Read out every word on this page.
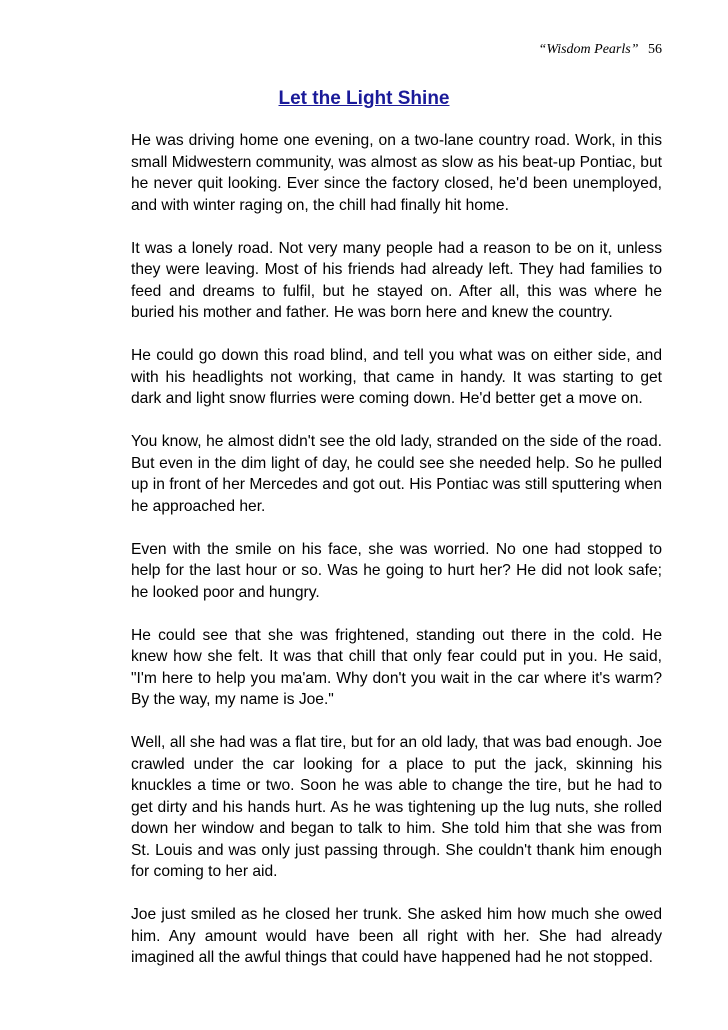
“Wisdom Pearls” 56
Let the Light Shine

He was driving home one evening, on a two-lane country road. Work, in this small Midwestern community, was almost as slow as his beat-up Pontiac, but he never quit looking. Ever since the factory closed, he'd been unemployed, and with winter raging on, the chill had finally hit home.

It was a lonely road. Not very many people had a reason to be on it, unless they were leaving. Most of his friends had already left. They had families to feed and dreams to fulfil, but he stayed on. After all, this was where he buried his mother and father. He was born here and knew the country.

He could go down this road blind, and tell you what was on either side, and with his headlights not working, that came in handy. It was starting to get dark and light snow flurries were coming down. He'd better get a move on.

You know, he almost didn't see the old lady, stranded on the side of the road. But even in the dim light of day, he could see she needed help. So he pulled up in front of her Mercedes and got out. His Pontiac was still sputtering when he approached her.

Even with the smile on his face, she was worried. No one had stopped to help for the last hour or so. Was he going to hurt her? He did not look safe; he looked poor and hungry.

He could see that she was frightened, standing out there in the cold. He knew how she felt. It was that chill that only fear could put in you. He said, "I'm here to help you ma'am. Why don't you wait in the car where it's warm? By the way, my name is Joe."

Well, all she had was a flat tire, but for an old lady, that was bad enough. Joe crawled under the car looking for a place to put the jack, skinning his knuckles a time or two. Soon he was able to change the tire, but he had to get dirty and his hands hurt. As he was tightening up the lug nuts, she rolled down her window and began to talk to him. She told him that she was from St. Louis and was only just passing through. She couldn't thank him enough for coming to her aid.

Joe just smiled as he closed her trunk. She asked him how much she owed him. Any amount would have been all right with her. She had already imagined all the awful things that could have happened had he not stopped.
